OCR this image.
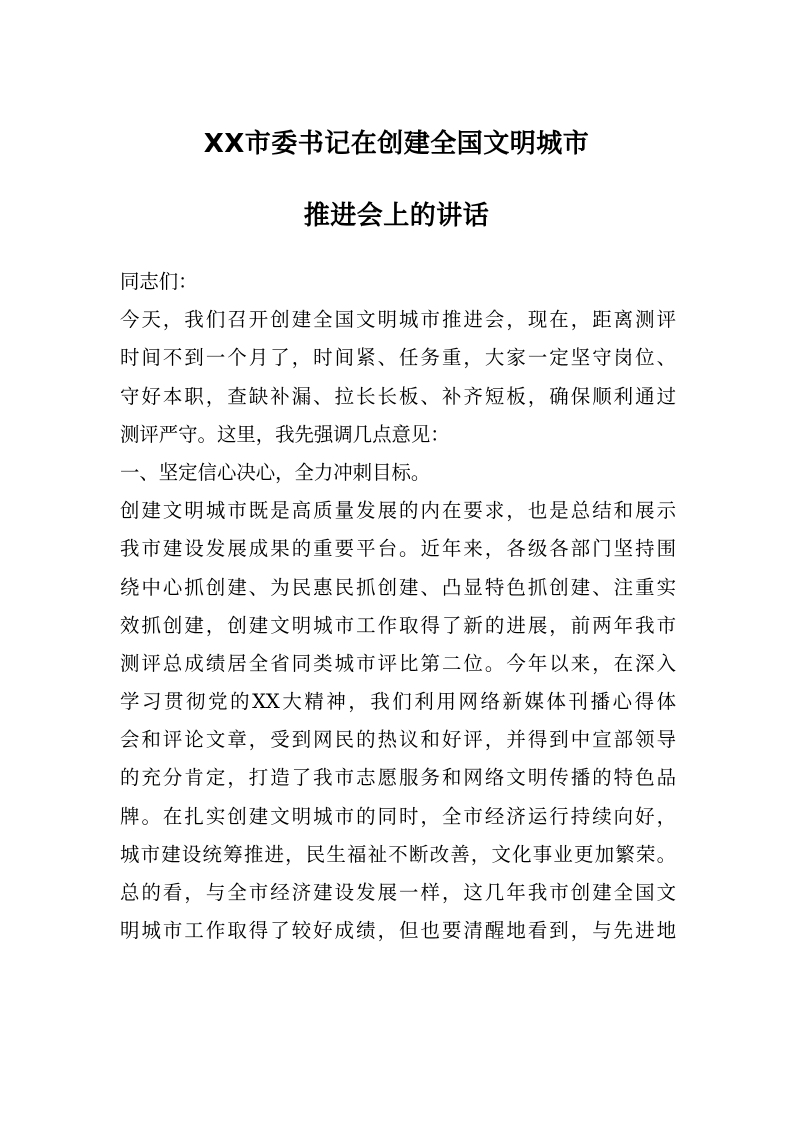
XX市委书记在创建全国文明城市
推进会上的讲话
同志们：
今天，我们召开创建全国文明城市推进会，现在，距离测评
时间不到一个月了，时间紧、任务重，大家一定坚守岗位、
守好本职，查缺补漏、拉长长板、补齐短板，确保顺利通过
测评严守。这里，我先强调几点意见：
一、坚定信心决心，全力冲刺目标。
创建文明城市既是高质量发展的内在要求，也是总结和展示
我市建设发展成果的重要平台。近年来，各级各部门坚持围
绕中心抓创建、为民惠民抓创建、凸显特色抓创建、注重实
效抓创建，创建文明城市工作取得了新的进展，前两年我市
测评总成绩居全省同类城市评比第二位。今年以来，在深入
学习贯彻党的XX大精神，我们利用网络新媒体刊播心得体
会和评论文章，受到网民的热议和好评，并得到中宣部领导
的充分肯定，打造了我市志愿服务和网络文明传播的特色品
牌。在扎实创建文明城市的同时，全市经济运行持续向好，
城市建设统筹推进，民生福祉不断改善，文化事业更加繁荣。
总的看，与全市经济建设发展一样，这几年我市创建全国文
明城市工作取得了较好成绩，但也要清醒地看到，与先进地
